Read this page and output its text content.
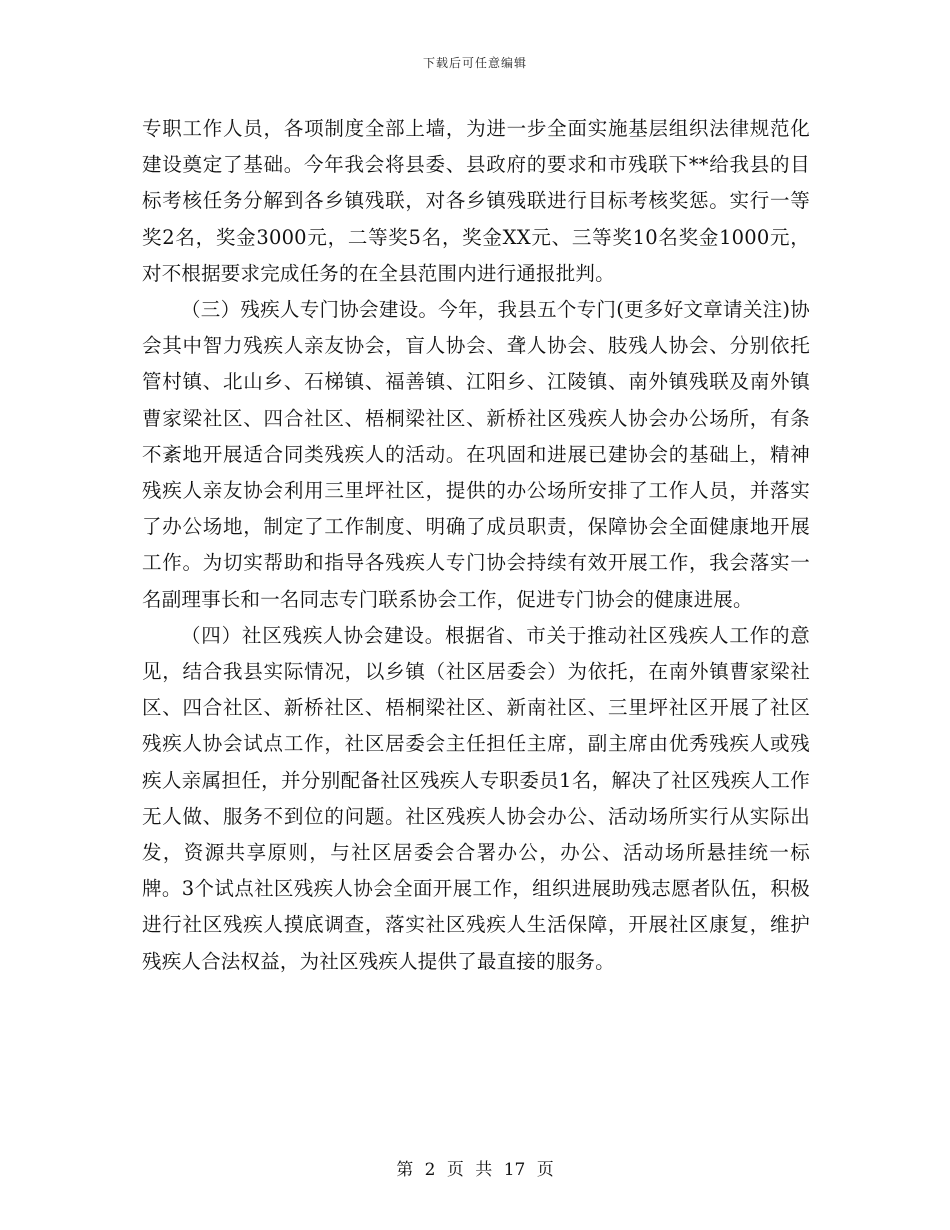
下载后可任意编辑

专职工作人员，各项制度全部上墙，为进一步全面实施基层组织法律规范化建设奠定了基础。今年我会将县委、县政府的要求和市残联下**给我县的目标考核任务分解到各乡镇残联，对各乡镇残联进行目标考核奖惩。实行一等奖2名，奖金3000元，二等奖5名，奖金XX元、三等奖10名奖金1000元，对不根据要求完成任务的在全县范围内进行通报批判。

（三）残疾人专门协会建设。今年，我县五个专门(更多好文章请关注)协会其中智力残疾人亲友协会，盲人协会、聋人协会、肢残人协会、分别依托管村镇、北山乡、石梯镇、福善镇、江阳乡、江陵镇、南外镇残联及南外镇曹家梁社区、四合社区、梧桐梁社区、新桥社区残疾人协会办公场所，有条不紊地开展适合同类残疾人的活动。在巩固和进展已建协会的基础上，精神残疾人亲友协会利用三里坪社区，提供的办公场所安排了工作人员，并落实了办公场地，制定了工作制度、明确了成员职责，保障协会全面健康地开展工作。为切实帮助和指导各残疾人专门协会持续有效开展工作，我会落实一名副理事长和一名同志专门联系协会工作，促进专门协会的健康进展。

（四）社区残疾人协会建设。根据省、市关于推动社区残疾人工作的意见，结合我县实际情况，以乡镇（社区居委会）为依托，在南外镇曹家梁社区、四合社区、新桥社区、梧桐梁社区、新南社区、三里坪社区开展了社区残疾人协会试点工作，社区居委会主任担任主席，副主席由优秀残疾人或残疾人亲属担任，并分别配备社区残疾人专职委员1名，解决了社区残疾人工作无人做、服务不到位的问题。社区残疾人协会办公、活动场所实行从实际出发，资源共享原则，与社区居委会合署办公，办公、活动场所悬挂统一标牌。3个试点社区残疾人协会全面开展工作，组织进展助残志愿者队伍，积极进行社区残疾人摸底调查，落实社区残疾人生活保障，开展社区康复，维护残疾人合法权益，为社区残疾人提供了最直接的服务。

第 2 页 共 17 页
